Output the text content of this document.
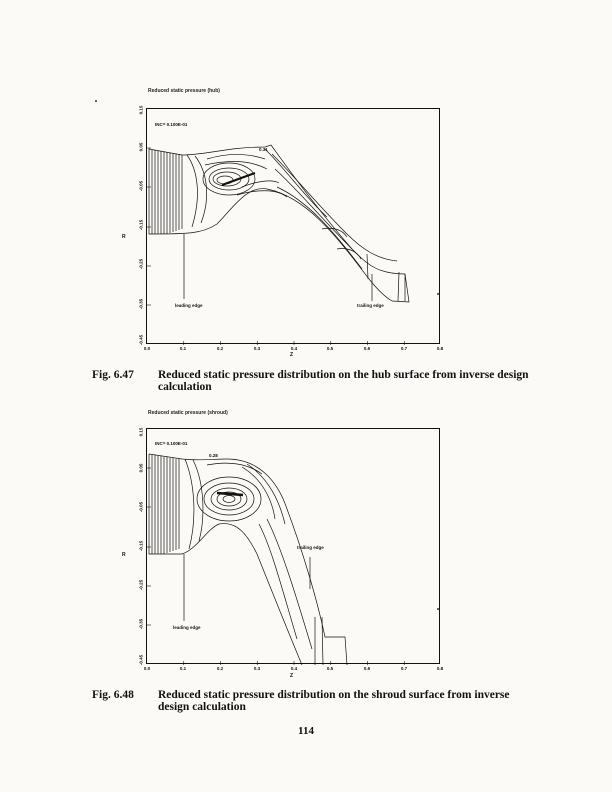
Reduced static pressure (hub)
INC= 0.100E-01
0.31
leading edge	trailing edge
0.0	0.1	0.2	0.3	0.4	0.5	0.6	0.7	0.8
Z
0.15
0.05
-0.05
-0.15
-0.25
-0.35
-0.45
R
Fig. 6.47	Reduced static pressure distribution on the hub surface from inverse design calculation
Reduced static pressure (shroud)
INC= 0.100E-01
0.28
leading edge
trailing edge
0.0	0.1	0.2	0.3	0.4	0.5	0.6	0.7	0.8
Z
0.15
0.05
-0.05
-0.15
-0.25
-0.35
-0.45
R
Fig. 6.48	Reduced static pressure distribution on the shroud surface from inverse design calculation
114
